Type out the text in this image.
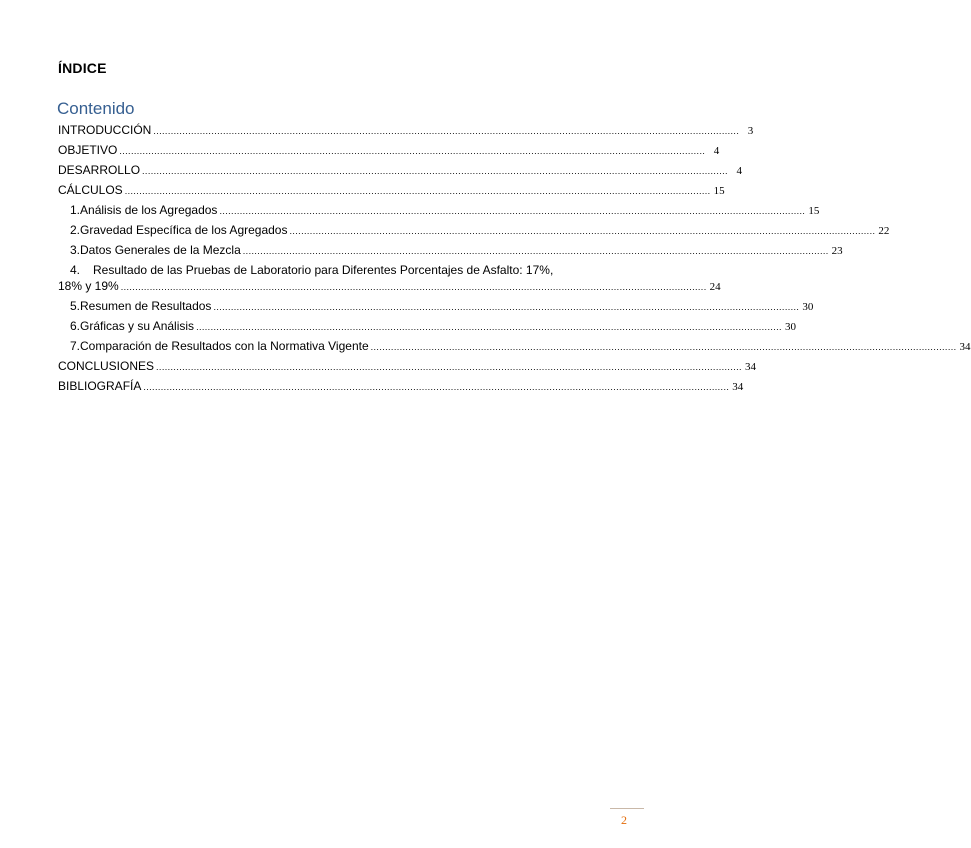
ÍNDICE
Contenido
INTRODUCCIÓN .......................................................................................................................................................................................................... 3
OBJETIVO .......................................................................................................................................................................................................... 4
DESARROLLO .......................................................................................................................................................................................................... 4
CÁLCULOS .......................................................................................................................................................................................................... 15
1. Análisis de los Agregados .......................................................................................................................................................................................................... 15
2. Gravedad Específica de los Agregados .......................................................................................................................................................................................................... 22
3. Datos Generales de la Mezcla .......................................................................................................................................................................................................... 23
4. Resultado de las Pruebas de Laboratorio para Diferentes Porcentajes de Asfalto: 17%,
18% y 19% .......................................................................................................................................................................................................... 24
5. Resumen de Resultados .......................................................................................................................................................................................................... 30
6. Gráficas y su Análisis .......................................................................................................................................................................................................... 30
7. Comparación de Resultados con la Normativa Vigente .......................................................................................................................................................................................................... 34
CONCLUSIONES .......................................................................................................................................................................................................... 34
BIBLIOGRAFÍA .......................................................................................................................................................................................................... 34
2
